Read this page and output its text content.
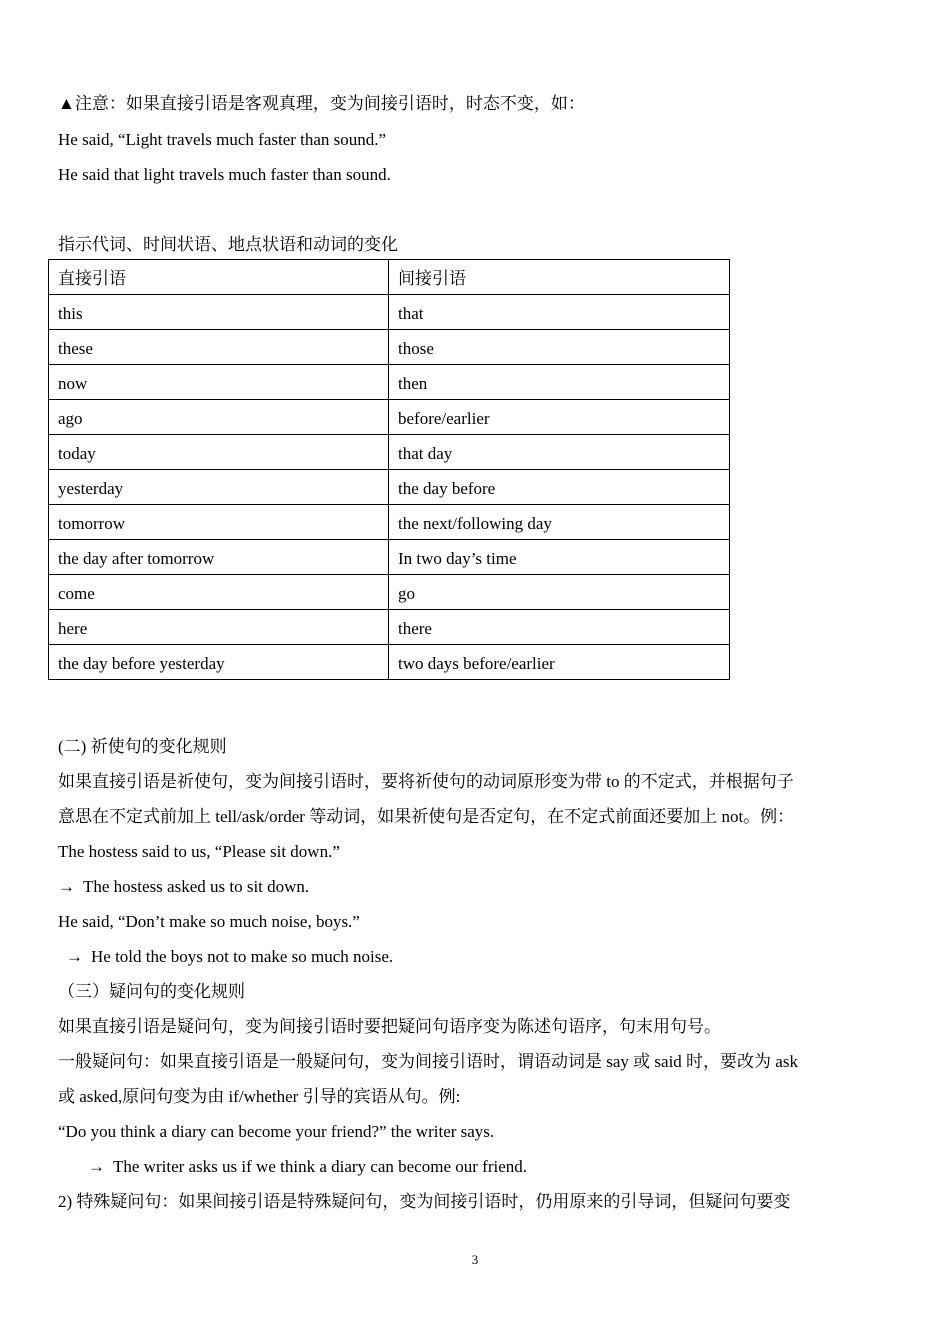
▲注意：如果直接引语是客观真理，变为间接引语时，时态不变，如：
He said, “Light travels much faster than sound.”
He said that light travels much faster than sound.
指示代词、时间状语、地点状语和动词的变化
直接引语	间接引语
this	that
these	those
now	then
ago	before/earlier
today	that day
yesterday	the day before
tomorrow	the next/following day
the day after tomorrow	In two day’s time
come	go
here	there
the day before yesterday	two days before/earlier
(二) 祈使句的变化规则
如果直接引语是祈使句，变为间接引语时，要将祈使句的动词原形变为带 to 的不定式，并根据句子
意思在不定式前加上 tell/ask/order 等动词，如果祈使句是否定句，在不定式前面还要加上 not。例：
The hostess said to us, “Please sit down.”
→ The hostess asked us to sit down.
He said, “Don’t make so much noise, boys.”
→ He told the boys not to make so much noise.
（三）疑问句的变化规则
如果直接引语是疑问句，变为间接引语时要把疑问句语序变为陈述句语序，句末用句号。
一般疑问句：如果直接引语是一般疑问句，变为间接引语时，谓语动词是 say 或 said 时，要改为 ask
或 asked,原问句变为由 if/whether 引导的宾语从句。例:
“Do you think a diary can become your friend?” the writer says.
→ The writer asks us if we think a diary can become our friend.
2) 特殊疑问句：如果间接引语是特殊疑问句，变为间接引语时，仍用原来的引导词，但疑问句要变
3
